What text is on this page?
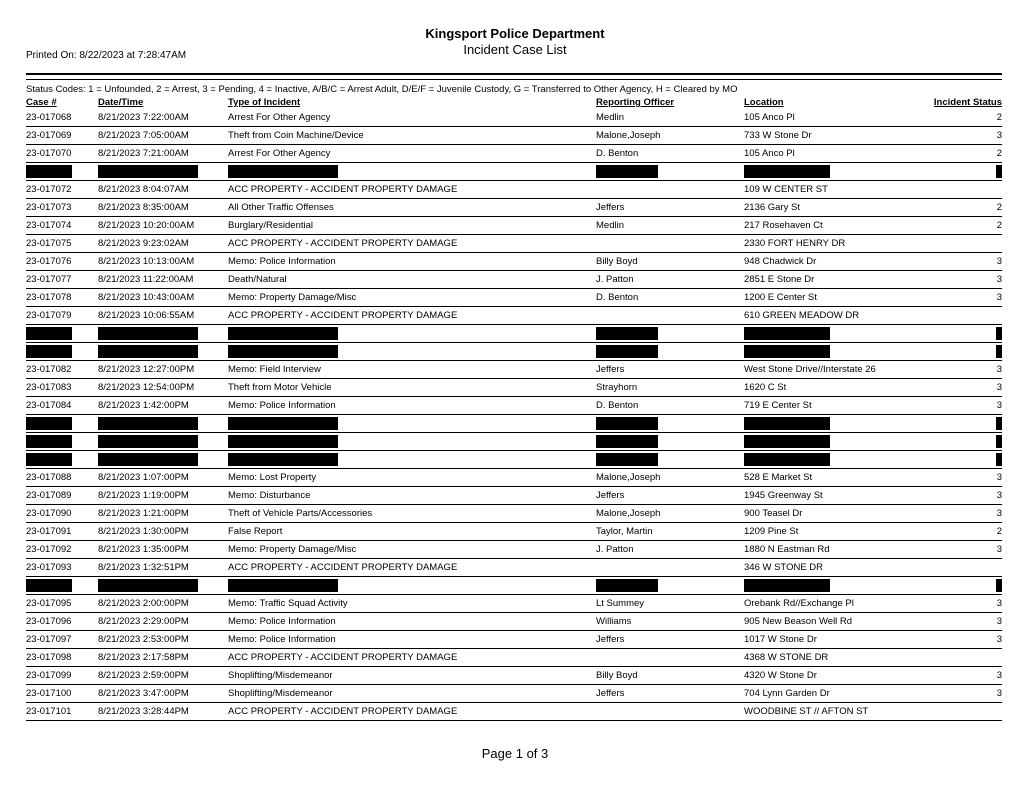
Printed On: 8/22/2023 at 7:28:47AM
Kingsport Police Department
Incident Case List
Status Codes: 1 = Unfounded, 2 = Arrest, 3 = Pending, 4 = Inactive, A/B/C = Arrest Adult, D/E/F = Juvenile Custody, G = Transferred to Other Agency, H = Cleared by MO
Case #	Date/Time	Type of Incident	Reporting Officer	Location	Incident Status
23-017068	8/21/2023 7:22:00AM	Arrest For Other Agency	Medlin	105 Anco Pl	2
23-017069	8/21/2023 7:05:00AM	Theft from Coin Machine/Device	Malone,Joseph	733 W Stone Dr	3
23-017070	8/21/2023 7:21:00AM	Arrest For Other Agency	D. Benton	105 Anco Pl	2

23-017072	8/21/2023 8:04:07AM	ACC PROPERTY - ACCIDENT PROPERTY DAMAGE		109 W CENTER ST	
23-017073	8/21/2023 8:35:00AM	All Other Traffic Offenses	Jeffers	2136 Gary St	2
23-017074	8/21/2023 10:20:00AM	Burglary/Residential	Medlin	217 Rosehaven Ct	2
23-017075	8/21/2023 9:23:02AM	ACC PROPERTY - ACCIDENT PROPERTY DAMAGE		2330 FORT HENRY DR	
23-017076	8/21/2023 10:13:00AM	Memo: Police Information	Billy Boyd	948 Chadwick Dr	3
23-017077	8/21/2023 11:22:00AM	Death/Natural	J. Patton	2851 E Stone Dr	3
23-017078	8/21/2023 10:43:00AM	Memo: Property Damage/Misc	D. Benton	1200 E Center St	3
23-017079	8/21/2023 10:06:55AM	ACC PROPERTY - ACCIDENT PROPERTY DAMAGE		610 GREEN MEADOW DR	

23-017082	8/21/2023 12:27:00PM	Memo: Field Interview	Jeffers	West Stone Drive//Interstate 26	3
23-017083	8/21/2023 12:54:00PM	Theft from Motor Vehicle	Strayhorn	1620 C St	3
23-017084	8/21/2023 1:42:00PM	Memo: Police Information	D. Benton	719 E Center St	3

23-017088	8/21/2023 1:07:00PM	Memo: Lost Property	Malone,Joseph	528 E Market St	3
23-017089	8/21/2023 1:19:00PM	Memo: Disturbance	Jeffers	1945 Greenway St	3
23-017090	8/21/2023 1:21:00PM	Theft of Vehicle Parts/Accessories	Malone,Joseph	900 Teasel Dr	3
23-017091	8/21/2023 1:30:00PM	False Report	Taylor, Martin	1209 Pine St	2
23-017092	8/21/2023 1:35:00PM	Memo: Property Damage/Misc	J. Patton	1880 N Eastman Rd	3
23-017093	8/21/2023 1:32:51PM	ACC PROPERTY - ACCIDENT PROPERTY DAMAGE		346 W STONE DR	

23-017095	8/21/2023 2:00:00PM	Memo: Traffic Squad Activity	Lt Summey	Orebank Rd//Exchange Pl	3
23-017096	8/21/2023 2:29:00PM	Memo: Police Information	Williams	905 New Beason Well Rd	3
23-017097	8/21/2023 2:53:00PM	Memo: Police Information	Jeffers	1017 W Stone Dr	3
23-017098	8/21/2023 2:17:58PM	ACC PROPERTY - ACCIDENT PROPERTY DAMAGE		4368 W STONE DR	
23-017099	8/21/2023 2:59:00PM	Shoplifting/Misdemeanor	Billy Boyd	4320 W Stone Dr	3
23-017100	8/21/2023 3:47:00PM	Shoplifting/Misdemeanor	Jeffers	704 Lynn Garden Dr	3
23-017101	8/21/2023 3:28:44PM	ACC PROPERTY - ACCIDENT PROPERTY DAMAGE		WOODBINE ST // AFTON ST	
Page 1 of 3
